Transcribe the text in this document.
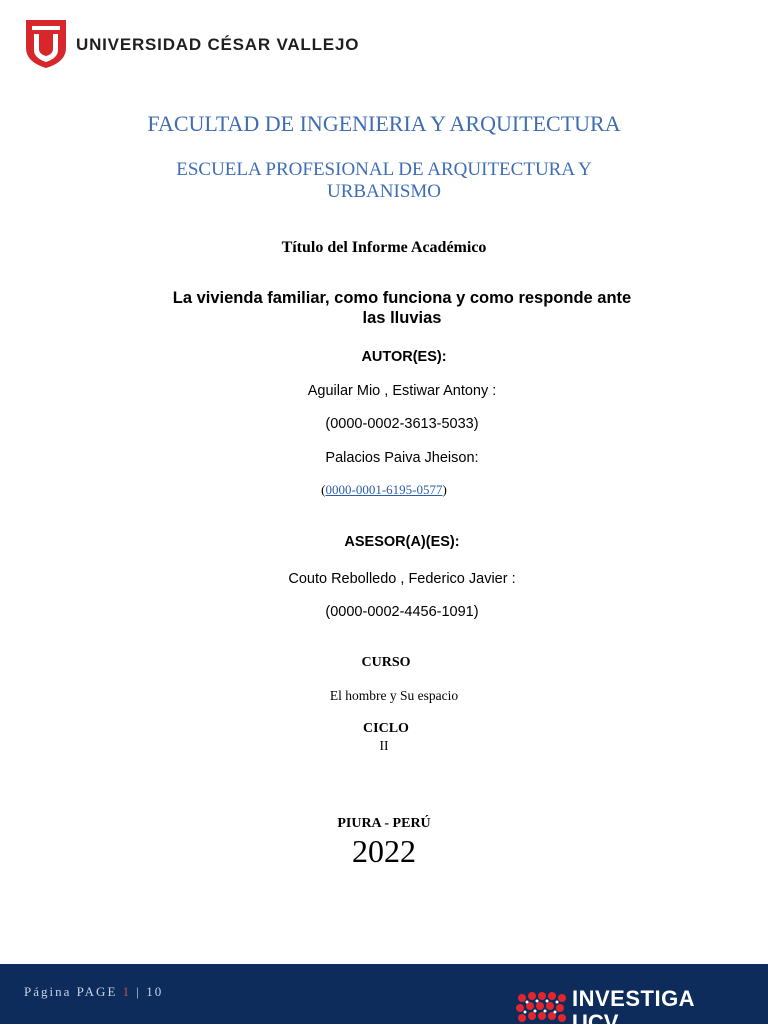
UNIVERSIDAD CÉSAR VALLEJO
FACULTAD DE INGENIERIA Y ARQUITECTURA
ESCUELA PROFESIONAL DE ARQUITECTURA Y
URBANISMO
Título del Informe Académico
La vivienda familiar, como funciona y como responde ante
las lluvias
AUTOR(ES):
Aguilar Mio , Estiwar Antony :
(0000-0002-3613-5033)
Palacios Paiva Jheison:
(0000-0001-6195-0577)
ASESOR(A)(ES):
Couto Rebolledo , Federico Javier :
(0000-0002-4456-1091)
CURSO
El hombre y Su espacio
CICLO
II
PIURA - PERÚ
2022
Página PAGE 1 | 10	INVESTIGA
UCV
